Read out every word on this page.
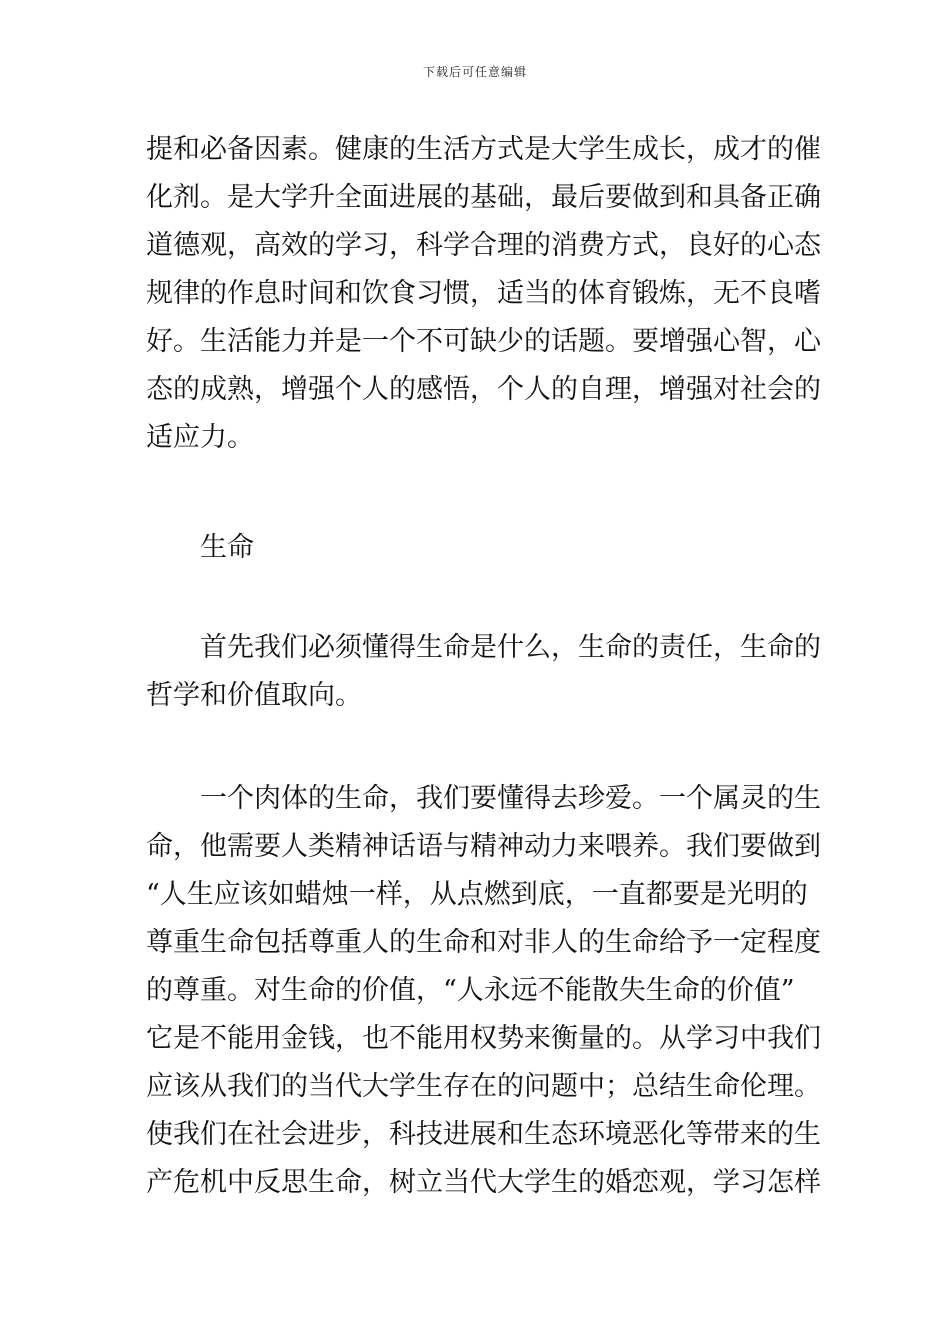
下载后可任意编辑
提和必备因素。健康的生活方式是大学生成长，成才的催
化剂。是大学升全面进展的基础，最后要做到和具备正确
道德观，高效的学习，科学合理的消费方式，良好的心态
规律的作息时间和饮食习惯，适当的体育锻炼，无不良嗜
好。生活能力并是一个不可缺少的话题。要增强心智，心
态的成熟，增强个人的感悟，个人的自理，增强对社会的
适应力。
生命
首先我们必须懂得生命是什么，生命的责任，生命的
哲学和价值取向。
一个肉体的生命，我们要懂得去珍爱。一个属灵的生
命，他需要人类精神话语与精神动力来喂养。我们要做到
“人生应该如蜡烛一样，从点燃到底，一直都要是光明的
尊重生命包括尊重人的生命和对非人的生命给予一定程度
的尊重。对生命的价值，“人永远不能散失生命的价值”
它是不能用金钱，也不能用权势来衡量的。从学习中我们
应该从我们的当代大学生存在的问题中；总结生命伦理。
使我们在社会进步，科技进展和生态环境恶化等带来的生
产危机中反思生命，树立当代大学生的婚恋观，学习怎样
